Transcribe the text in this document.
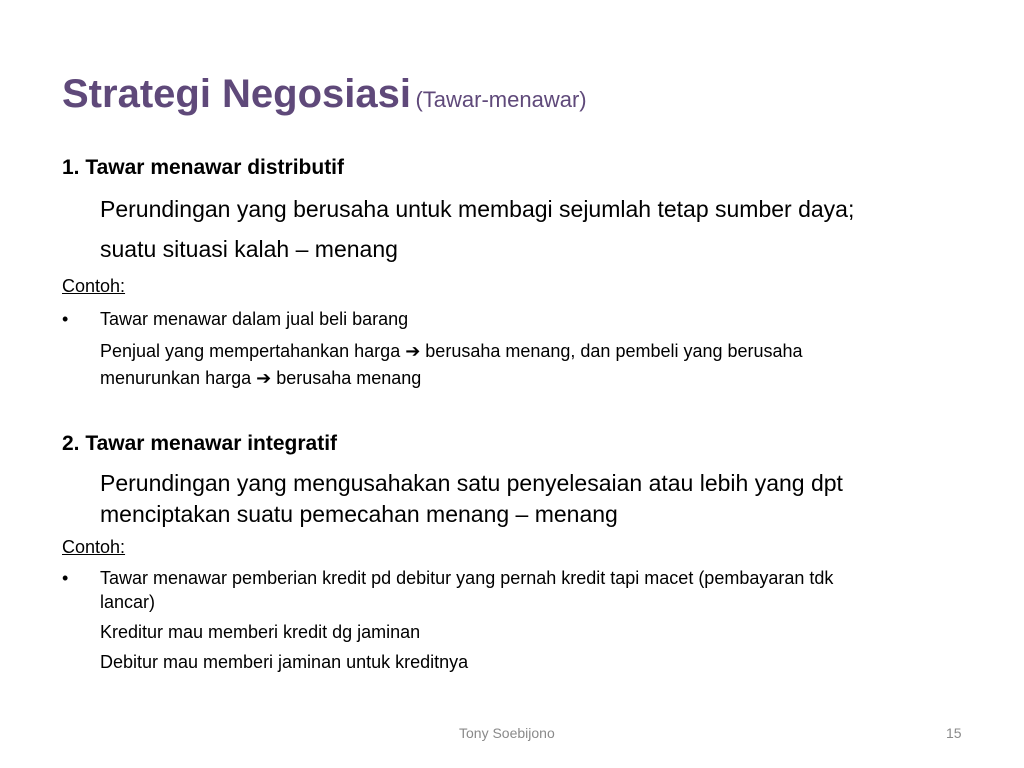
Strategi Negosiasi (Tawar-menawar)
1. Tawar menawar distributif
Perundingan yang berusaha untuk membagi sejumlah tetap sumber daya;
suatu situasi kalah – menang
Contoh:
• Tawar menawar dalam jual beli barang
Penjual yang mempertahankan harga ➔ berusaha menang, dan pembeli yang berusaha
menurunkan harga ➔ berusaha menang
2. Tawar menawar integratif
Perundingan yang mengusahakan satu penyelesaian atau lebih yang dpt
menciptakan suatu pemecahan menang – menang
Contoh:
• Tawar menawar pemberian kredit pd debitur yang pernah kredit tapi macet (pembayaran tdk
lancar)
Kreditur mau memberi kredit dg jaminan
Debitur mau memberi jaminan untuk kreditnya
Tony Soebijono	15
